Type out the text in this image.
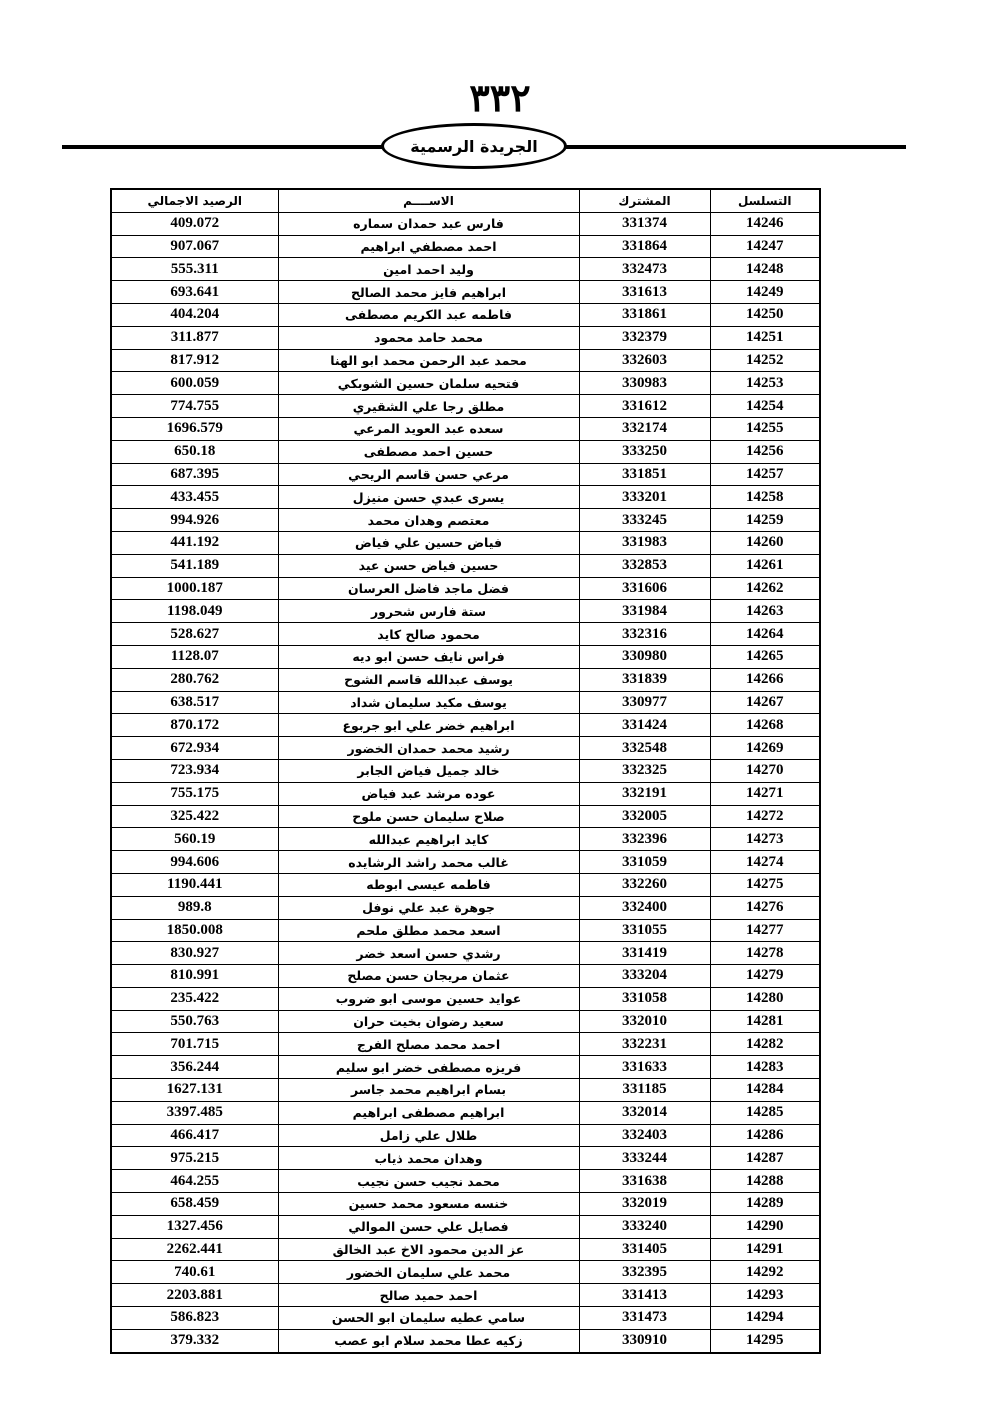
٣٣٢
الجريدة الرسمية
الرصيد الاجمالي	الاســــم	المشترك	التسلسل
409.072	فارس عبد حمدان سماره	331374	14246
907.067	احمد مصطفي ابراهيم	331864	14247
555.311	وليد احمد امين	332473	14248
693.641	ابراهيم فايز محمد الصالح	331613	14249
404.204	فاطمه عبد الكريم مصطفى	331861	14250
311.877	محمد حامد محمود	332379	14251
817.912	محمد عبد الرحمن محمد ابو الهنا	332603	14252
600.059	فتحيه سلمان حسين الشوبكي	330983	14253
774.755	مطلق رجا علي الشقيري	331612	14254
1696.579	سعده عبد العويد المرعي	332174	14255
650.18	حسين احمد مصطفى	333250	14256
687.395	مرعي حسن قاسم الريحي	331851	14257
433.455	يسرى عبدي حسن منيزل	333201	14258
994.926	معتصم وهدان محمد	333245	14259
441.192	فياض حسين علي فياض	331983	14260
541.189	حسين فياض حسن عيد	332853	14261
1000.187	فضل ماجد فاضل العرسان	331606	14262
1198.049	ستة فارس شحرور	331984	14263
528.627	محمود صالح كايد	332316	14264
1128.07	فراس نايف حسن ابو ديه	330980	14265
280.762	يوسف عبدالله قاسم الشوح	331839	14266
638.517	يوسف مكيد سليمان شداد	330977	14267
870.172	ابراهيم خضر علي ابو جربوع	331424	14268
672.934	رشيد محمد حمدان الخضور	332548	14269
723.934	خالد جميل فياض الجابر	332325	14270
755.175	عوده مرشد عبد فياض	332191	14271
325.422	صلاح سليمان حسن ملوح	332005	14272
560.19	كايد ابراهيم عبدالله	332396	14273
994.606	غالب محمد راشد الرشايده	331059	14274
1190.441	فاطمه عيسى ابوطه	332260	14275
989.8	جوهرة عبد علي نوفل	332400	14276
1850.008	اسعد محمد مطلق ملحم	331055	14277
830.927	رشدي حسن اسعد خضر	331419	14278
810.991	عثمان مريجان حسن مصلح	333204	14279
235.422	عوايد حسين موسى ابو ضروب	331058	14280
550.763	سعيد رضوان بخيت حران	332010	14281
701.715	احمد محمد مصلح الفرج	332231	14282
356.244	فريزه مصطفى خضر ابو سليم	331633	14283
1627.131	بسام ابراهيم محمد جاسر	331185	14284
3397.485	ابراهيم مصطفى ابراهيم	332014	14285
466.417	طلال علي زامل	332403	14286
975.215	وهدان محمد ذياب	333244	14287
464.255	محمد نجيب حسن نجيب	331638	14288
658.459	خنسه مسعود محمد حسين	332019	14289
1327.456	فصايل علي حسن الموالي	333240	14290
2262.441	عز الدين محمود الاخ عبد الخالق	331405	14291
740.61	محمد علي سليمان الخضور	332395	14292
2203.881	احمد حميد صالح	331413	14293
586.823	سامي عطيه سليمان ابو الحسن	331473	14294
379.332	زكيه عطا محمد سلام ابو عصب	330910	14295
